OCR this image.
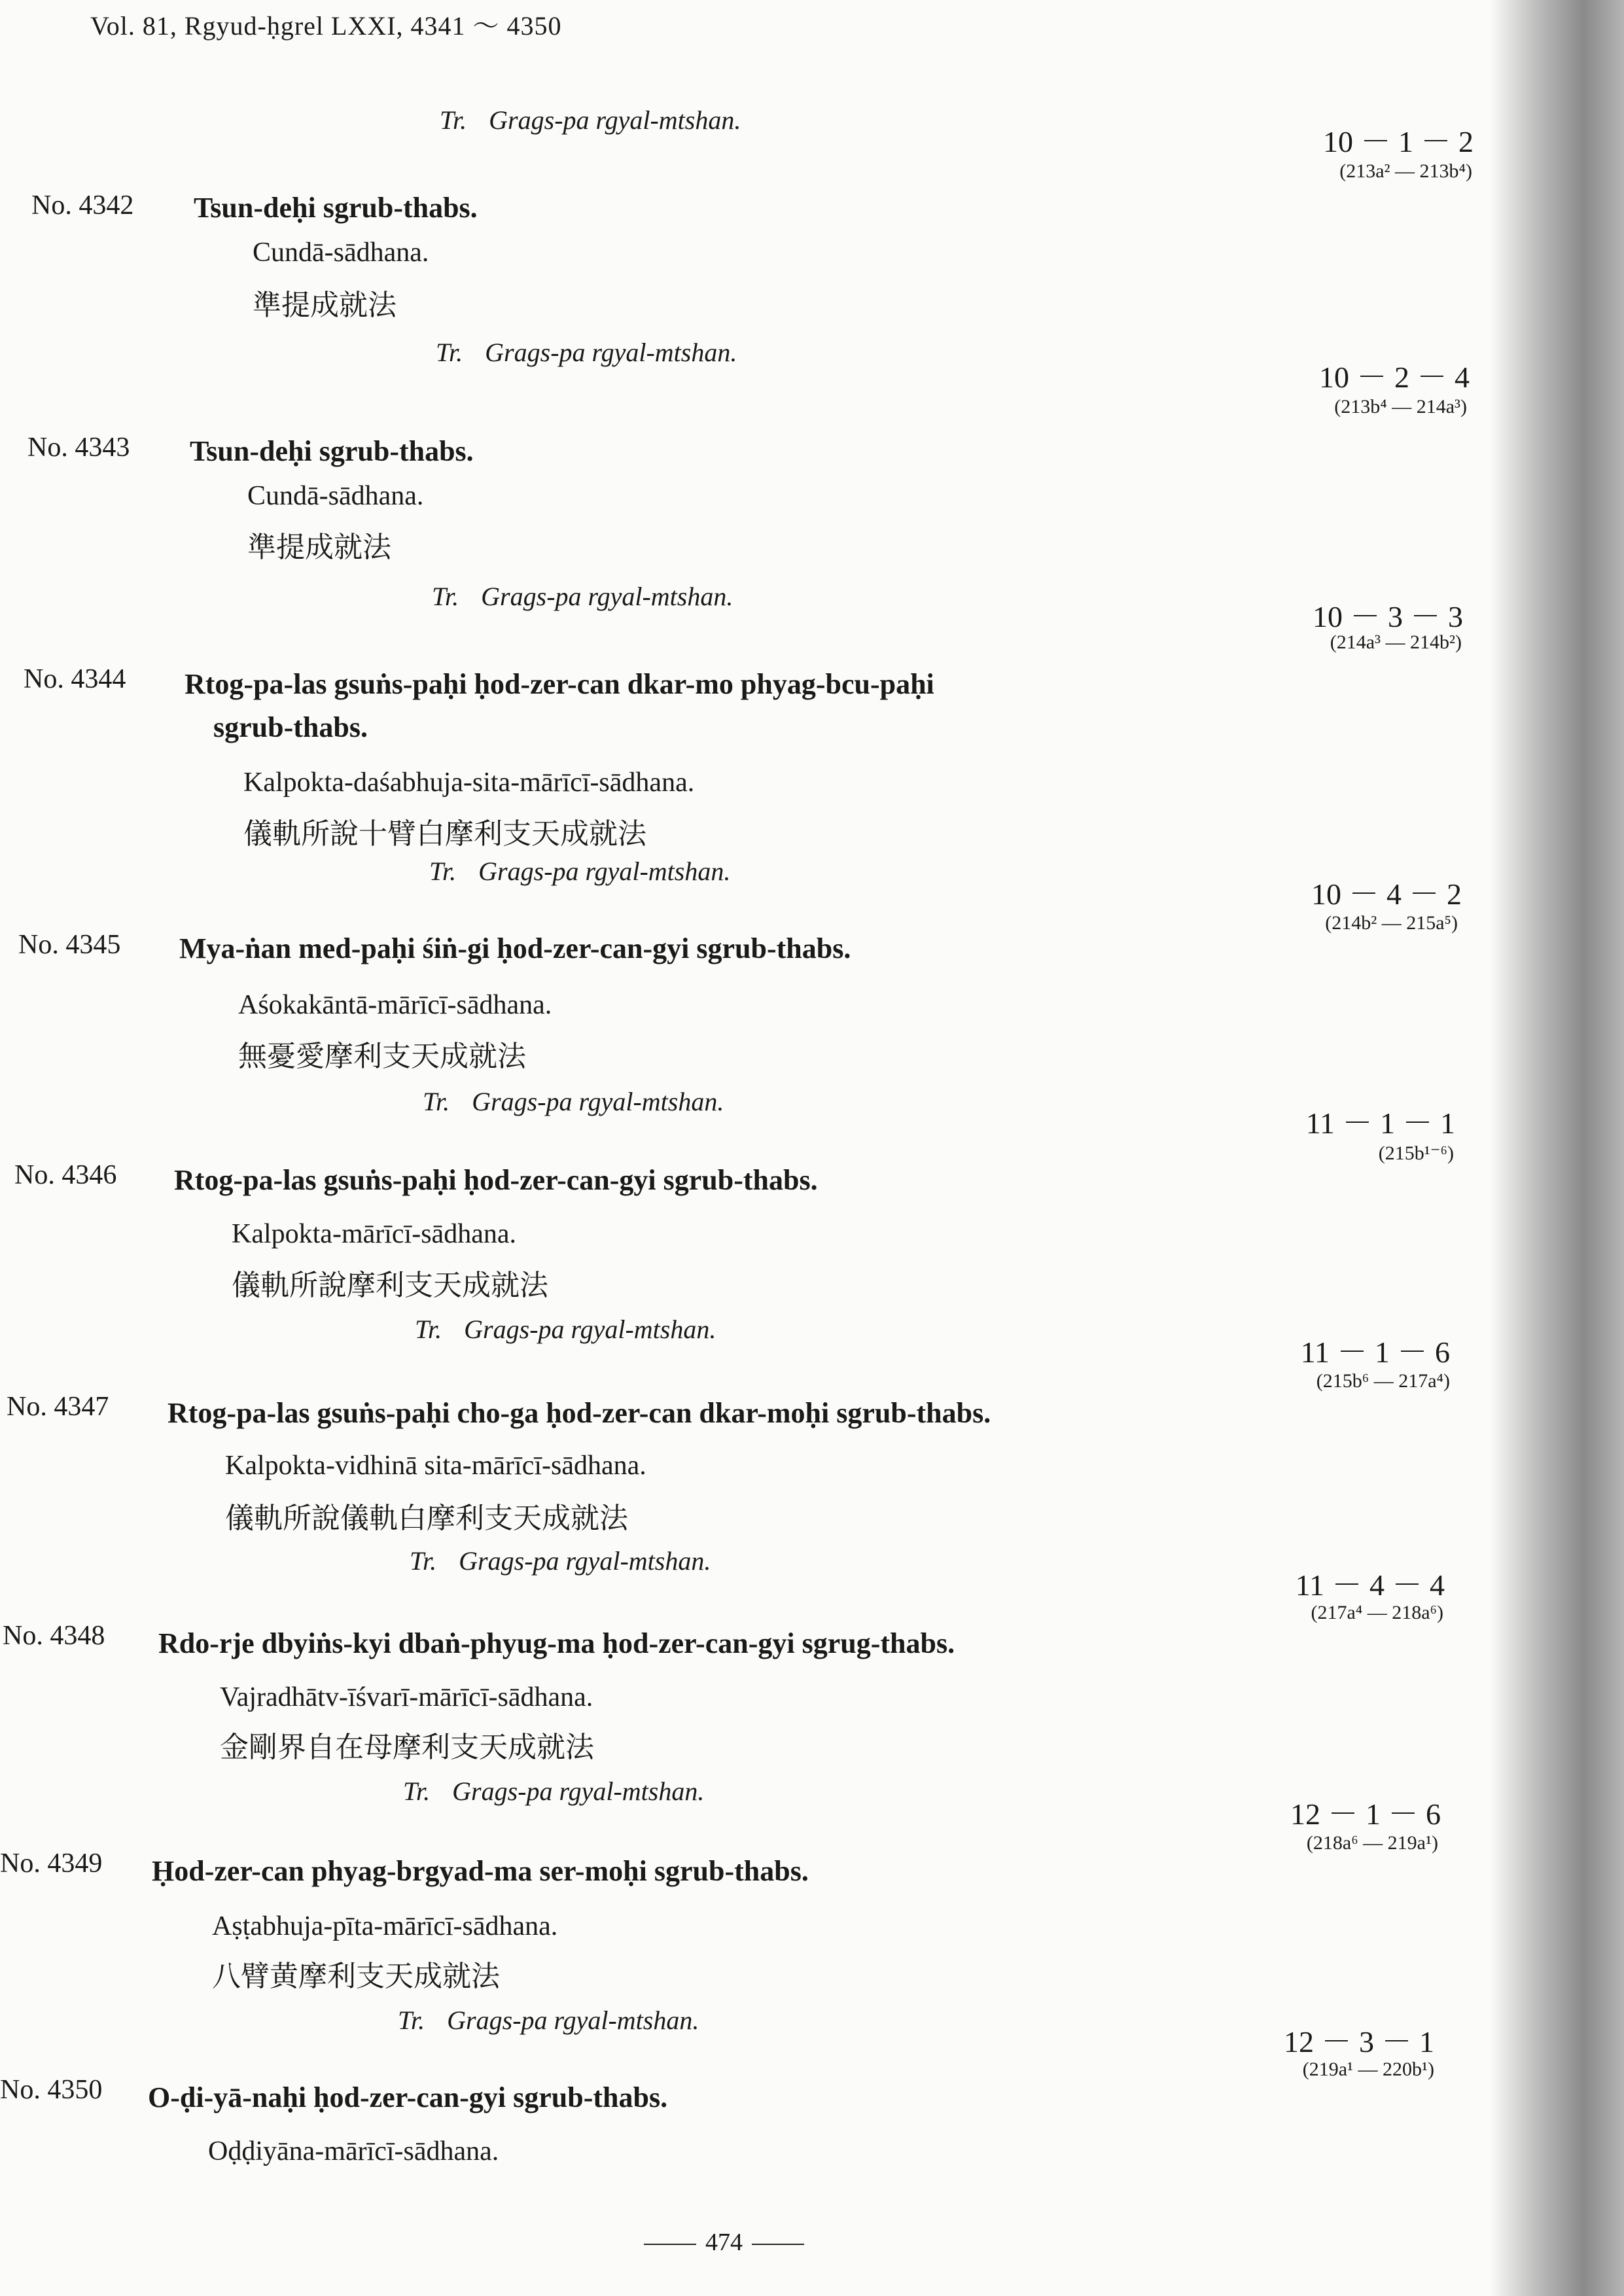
Vol. 81, Rgyud-ḥgrel LXXI, 4341 ～ 4350
Tr. Grags-pa rgyal-mtshan.
10 － 1 － 2
(213a² — 213b⁴)
No. 4342 Tsun-deḥi sgrub-thabs.
Cundā-sādhana.
準提成就法
Tr. Grags-pa rgyal-mtshan.
10 － 2 － 4
(213b⁴ — 214a³)
No. 4343 Tsun-deḥi sgrub-thabs.
Cundā-sādhana.
準提成就法
Tr. Grags-pa rgyal-mtshan.
10 － 3 － 3
(214a³ — 214b²)
No. 4344 Rtog-pa-las gsuṅs-paḥi ḥod-zer-can dkar-mo phyag-bcu-paḥi
sgrub-thabs.
Kalpokta-daśabhuja-sita-mārīcī-sādhana.
儀軌所說十臂白摩利支天成就法
Tr. Grags-pa rgyal-mtshan.
10 － 4 － 2
(214b² — 215a⁵)
No. 4345 Mya-ṅan med-paḥi śiṅ-gi ḥod-zer-can-gyi sgrub-thabs.
Aśokakāntā-mārīcī-sādhana.
無憂愛摩利支天成就法
Tr. Grags-pa rgyal-mtshan.
11 － 1 － 1
(215b¹⁻⁶)
No. 4346 Rtog-pa-las gsuṅs-paḥi ḥod-zer-can-gyi sgrub-thabs.
Kalpokta-mārīcī-sādhana.
儀軌所說摩利支天成就法
Tr. Grags-pa rgyal-mtshan.
11 － 1 － 6
(215b⁶ — 217a⁴)
No. 4347 Rtog-pa-las gsuṅs-paḥi cho-ga ḥod-zer-can dkar-moḥi sgrub-thabs.
Kalpokta-vidhinā sita-mārīcī-sādhana.
儀軌所說儀軌白摩利支天成就法
Tr. Grags-pa rgyal-mtshan.
11 － 4 － 4
(217a⁴ — 218a⁶)
No. 4348 Rdo-rje dbyiṅs-kyi dbaṅ-phyug-ma ḥod-zer-can-gyi sgrug-thabs.
Vajradhātv-īśvarī-mārīcī-sādhana.
金剛界自在母摩利支天成就法
Tr. Grags-pa rgyal-mtshan.
12 － 1 － 6
(218a⁶ — 219a¹)
No. 4349 Ḥod-zer-can phyag-brgyad-ma ser-moḥi sgrub-thabs.
Aṣṭabhuja-pīta-mārīcī-sādhana.
八臂黄摩利支天成就法
Tr. Grags-pa rgyal-mtshan.
12 － 3 － 1
(219a¹ — 220b¹)
No. 4350 O-ḍi-yā-naḥi ḥod-zer-can-gyi sgrub-thabs.
Oḍḍiyāna-mārīcī-sādhana.
474
